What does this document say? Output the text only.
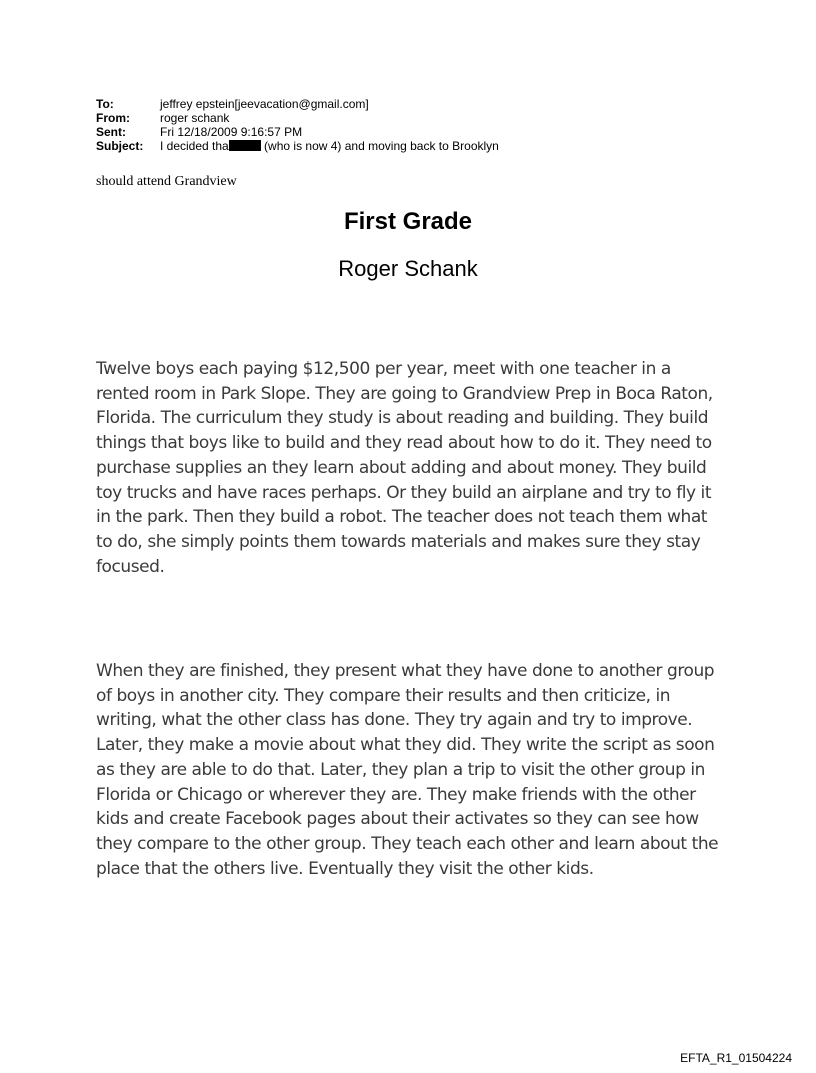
To:	jeffrey epstein[jeevacation@gmail.com]
From:	roger schank
Sent:	Fri 12/18/2009 9:16:57 PM
Subject:	I decided tha	(who is now 4) and moving back to Brooklyn
should attend Grandview
First Grade
Roger Schank
Twelve boys each paying $12,500 per year, meet with one teacher in a rented room in Park Slope. They are going to Grandview Prep in Boca Raton, Florida. The curriculum they study is about reading and building. They build things that boys like to build and they read about how to do it. They need to purchase supplies an they learn about adding and about money. They build toy trucks and have races perhaps. Or they build an airplane and try to fly it in the park. Then they build a robot. The teacher does not teach them what to do, she simply points them towards materials and makes sure they stay focused.
When they are finished, they present what they have done to another group of boys in another city. They compare their results and then criticize, in writing, what the other class has done. They try again and try to improve. Later, they make a movie about what they did. They write the script as soon as they are able to do that. Later, they plan a trip to visit the other group in Florida or Chicago or wherever they are. They make friends with the other kids and create Facebook pages about their activates so they can see how they compare to the other group. They teach each other and learn about the place that the others live. Eventually they visit the other kids.
EFTA_R1_01504224
